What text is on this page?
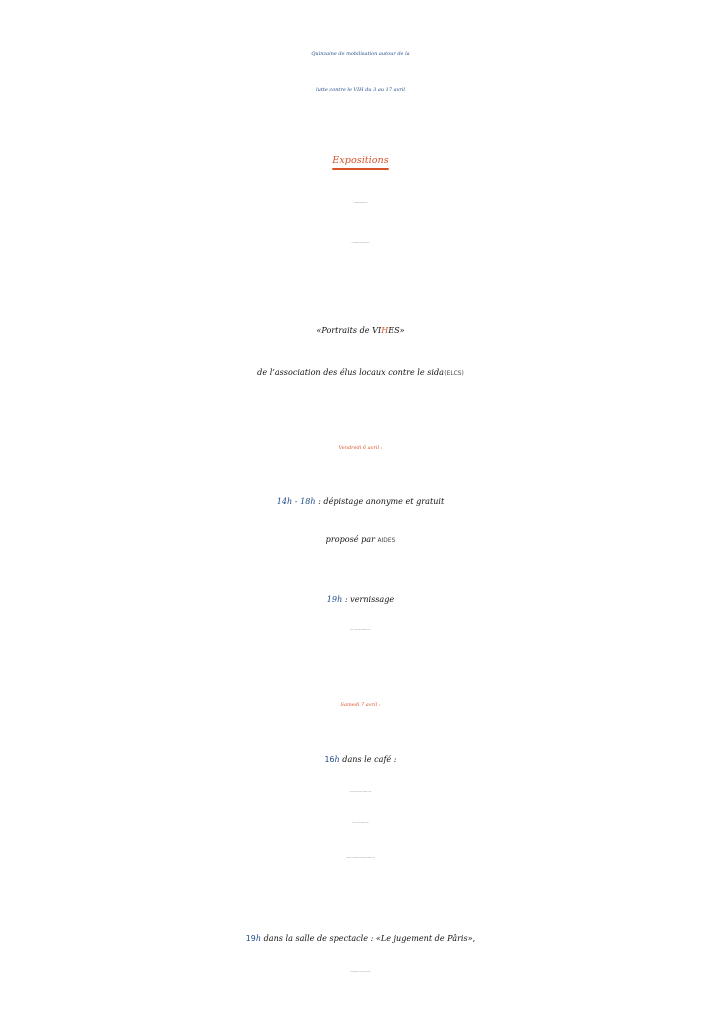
Quinzaine de mobilisation autour de la
lutte contre le VIH du 3 au 17 avril
Expositions
«Emotionnellement vôtres»
de l’association les Séropotes Paris
«Portraits de VIHES»
de l’association des élus locaux contre le sida (ELCS)
Vendredi 6 avril :
14h - 18h : dépistage anonyme et gratuit
proposé par AIDES
19h : vernissage
Invité : Rémy Hamai, Président d’Act Up
Samedi 7 avril :
16h dans le café :
«Retour sur 30 ans de lutte contre le sida»
Invité : Jean-Luc Romero Michel,
Président de l’association des élus locaux contre le sida
19h dans la salle de spectacle : «Le jugement de Pâris»,
opéra comique de la Cie Bien du Plaisir
